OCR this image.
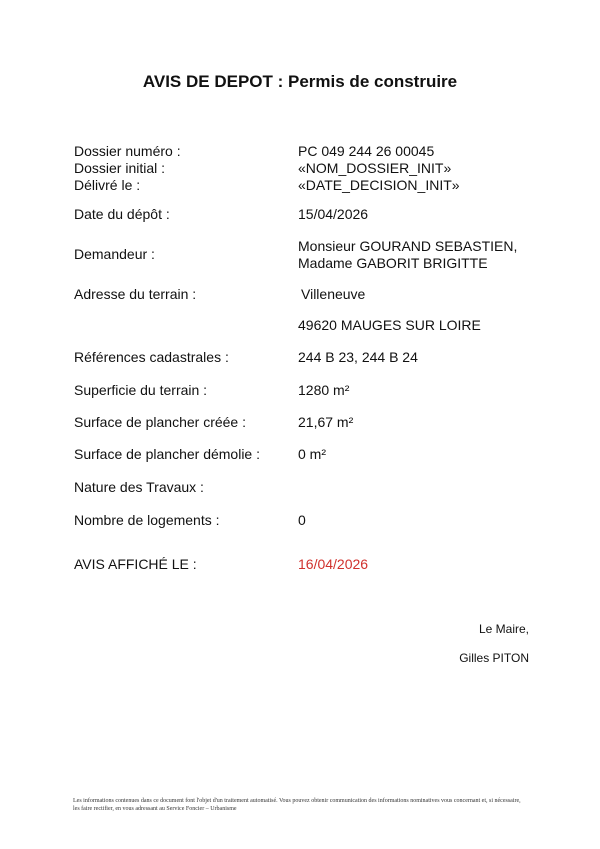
AVIS DE DEPOT : Permis de construire
Dossier numéro :	PC 049 244 26 00045
Dossier initial :	«NOM_DOSSIER_INIT»
Délivré le :	«DATE_DECISION_INIT»
Date du dépôt :	15/04/2026
Demandeur :	Monsieur GOURAND SEBASTIEN,
Madame GABORIT BRIGITTE
Adresse du terrain :	Villeneuve
49620 MAUGES SUR LOIRE
Références cadastrales :	244 B 23, 244 B 24
Superficie du terrain :	1280 m²
Surface de plancher créée :	21,67 m²
Surface de plancher démolie :	0 m²
Nature des Travaux :
Nombre de logements :	0
AVIS AFFICHÉ LE :	16/04/2026
Le Maire,
Gilles PITON
Les informations contenues dans ce document font l'objet d'un traitement automatisé. Vous pouvez obtenir communication des informations nominatives vous concernant et, si nécessaire,
les faire rectifier, en vous adressant au Service Foncier – Urbanisme
